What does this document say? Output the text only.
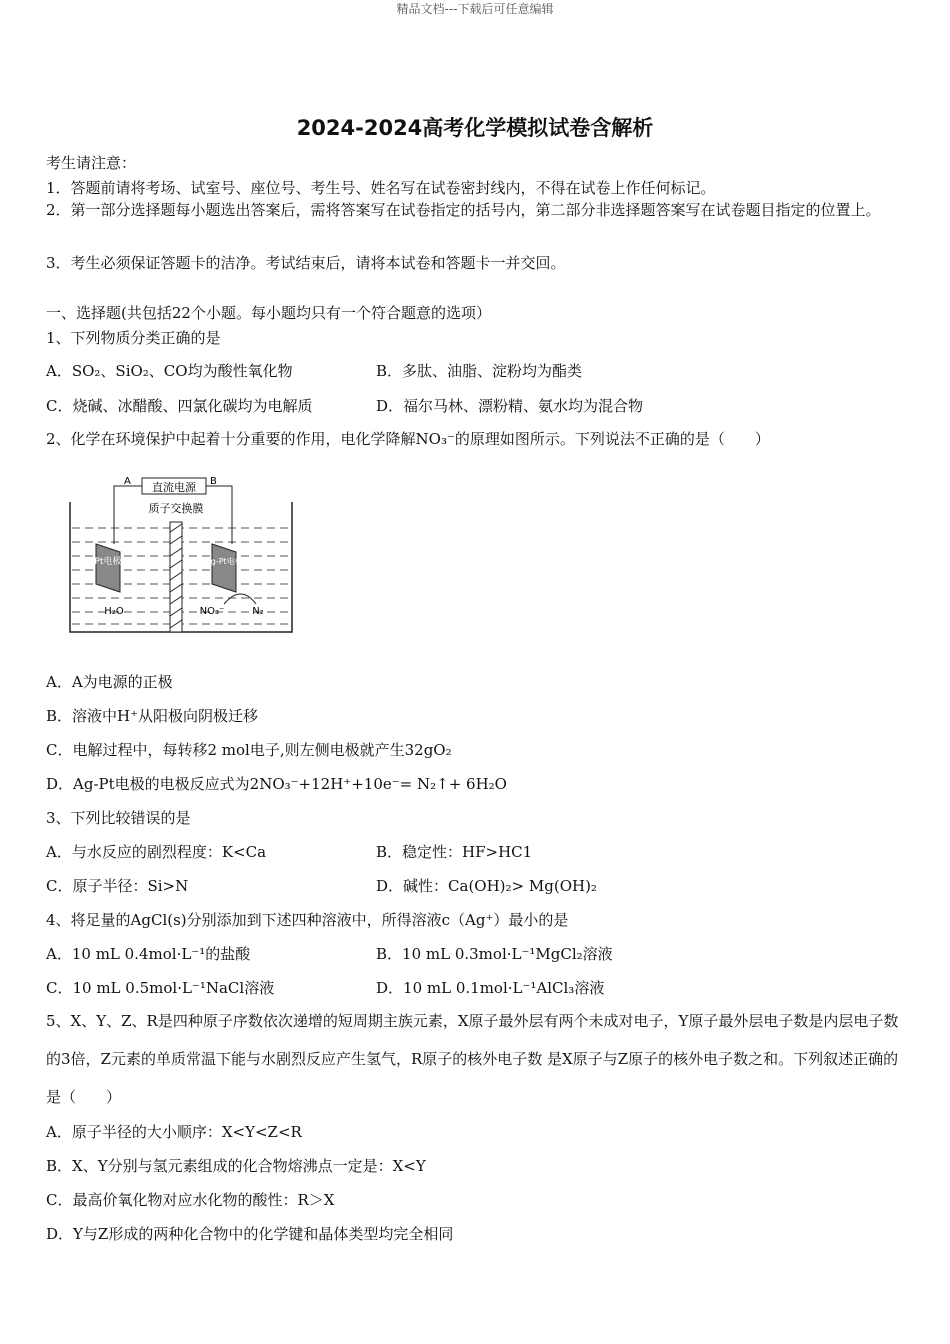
精品文档---下载后可任意编辑
2024-2024高考化学模拟试卷含解析
考生请注意：
1．答题前请将考场、试室号、座位号、考生号、姓名写在试卷密封线内，不得在试卷上作任何标记。
2．第一部分选择题每小题选出答案后，需将答案写在试卷指定的括号内，第二部分非选择题答案写在试卷题目指定的位置上。
3．考生必须保证答题卡的洁净。考试结束后，请将本试卷和答题卡一并交回。
一、选择题(共包括22个小题。每小题均只有一个符合题意的选项）
1、下列物质分类正确的是
A．SO₂、SiO₂、CO均为酸性氧化物	B．多肽、油脂、淀粉均为酯类
C．烧碱、冰醋酸、四氯化碳均为电解质	D．福尔马林、漂粉精、氨水均为混合物
2、化学在环境保护中起着十分重要的作用，电化学降解NO₃⁻的原理如图所示。下列说法不正确的是（　　）
直流电源
A	B
质子交换膜
Pt电极	Ag-Pt电极
H₂O	NO₃⁻	N₂
A．A为电源的正极
B．溶液中H⁺从阳极向阴极迁移
C．电解过程中，每转移2 mol电子,则左侧电极就产生32gO₂
D．Ag-Pt电极的电极反应式为2NO₃⁻+12H⁺+10e⁻= N₂↑+ 6H₂O
3、下列比较错误的是
A．与水反应的剧烈程度：K<Ca	B．稳定性：HF>HC1
C．原子半径：Si>N	D．碱性：Ca(OH)₂> Mg(OH)₂
4、将足量的AgCl(s)分别添加到下述四种溶液中，所得溶液c（Ag⁺）最小的是
A．10 mL 0.4mol·L⁻¹的盐酸	B．10 mL 0.3mol·L⁻¹MgCl₂溶液
C．10 mL 0.5mol·L⁻¹NaCl溶液	D．10 mL 0.1mol·L⁻¹AlCl₃溶液
5、X、Y、Z、R是四种原子序数依次递增的短周期主族元素，X原子最外层有两个未成对电子，Y原子最外层电子数是内层电子数的3倍，Z元素的单质常温下能与水剧烈反应产生氢气，R原子的核外电子数 是X原子与Z原子的核外电子数之和。下列叙述正确的是（　　）
A．原子半径的大小顺序：X<Y<Z<R
B．X、Y分别与氢元素组成的化合物熔沸点一定是：X<Y
C．最高价氧化物对应水化物的酸性：R＞X
D．Y与Z形成的两种化合物中的化学键和晶体类型均完全相同
